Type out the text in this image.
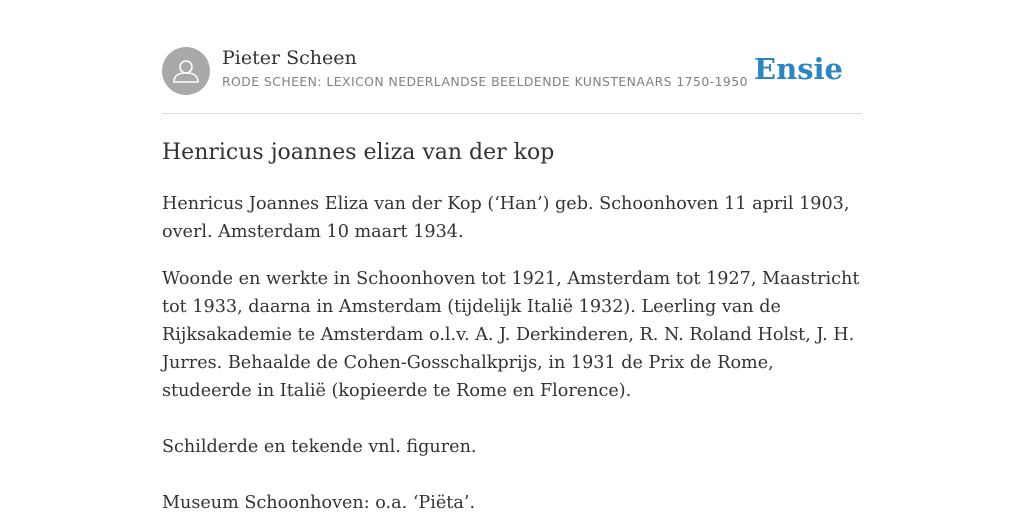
Pieter Scheen
RODE SCHEEN: LEXICON NEDERLANDSE BEELDENDE KUNSTENAARS 1750-1950 Ensie
Henricus joannes eliza van der kop

Henricus Joannes Eliza van der Kop (‘Han’) geb. Schoonhoven 11 april 1903, overl. Amsterdam 10 maart 1934.

Woonde en werkte in Schoonhoven tot 1921, Amsterdam tot 1927, Maastricht tot 1933, daarna in Amsterdam (tijdelijk Italië 1932). Leerling van de Rijksakademie te Amsterdam o.l.v. A. J. Derkinderen, R. N. Roland Holst, J. H. Jurres. Behaalde de Cohen-Gosschalkprijs, in 1931 de Prix de Rome, studeerde in Italië (kopieerde te Rome en Florence).

Schilderde en tekende vnl. figuren.

Museum Schoonhoven: o.a. ‘Piëta’.
